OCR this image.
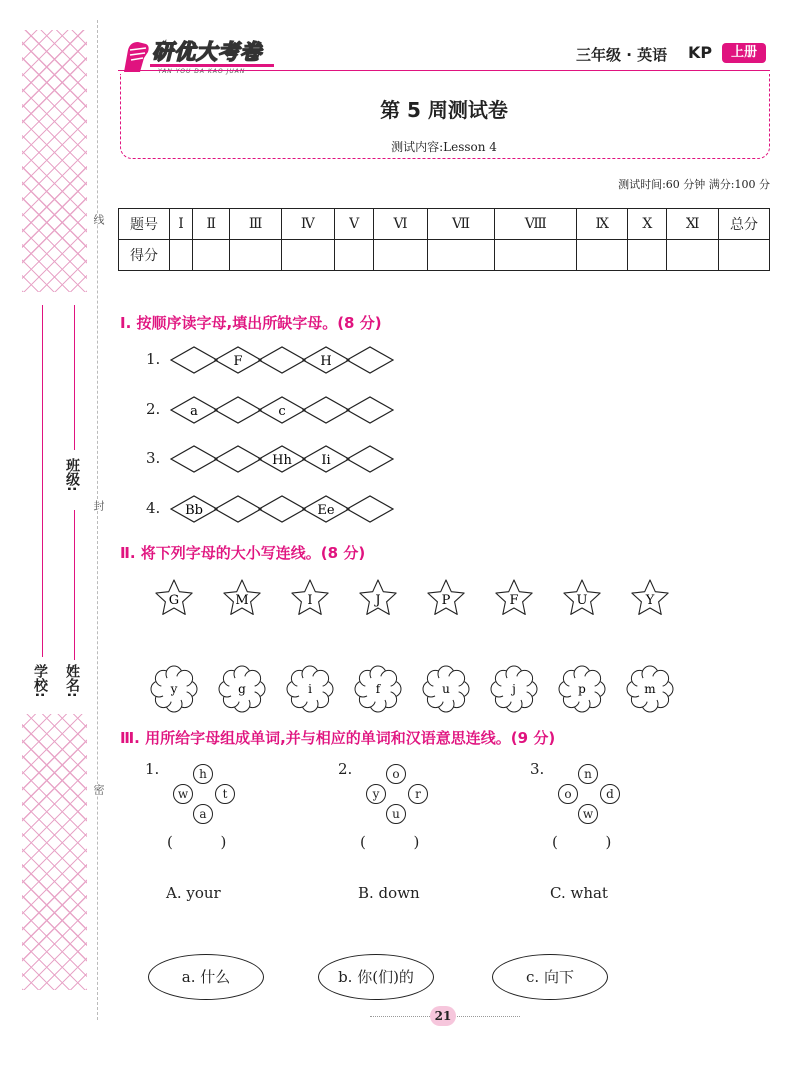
线
封
密
班级:
学校: 姓名:
研优大考卷
YAN YOU DA KAO JUAN
三年级 · 英语 KP	上册
第 5 周测试卷
测试内容:Lesson 4
测试时间:60 分钟 满分:100 分
题号	Ⅰ	Ⅱ	Ⅲ	Ⅳ	Ⅴ	Ⅵ	Ⅶ	Ⅷ	Ⅸ	Ⅹ	Ⅺ	总分
得分												
Ⅰ. 按顺序读字母,填出所缺字母。(8 分)
1.	F	H
2. a	c
3.	Hh Ii
4. Bb	Ee
Ⅱ. 将下列字母的大小写连线。(8 分)
G	M	I	J	P	F	U	Y
y	g	i	f	u	j	p	m
Ⅲ. 用所给字母组成单词,并与相应的单词和汉语意思连线。(9 分)
1.	h
w	t
a
(          )
2.	o
y	r
u
(          )
3.	n
o	d
w
(          )
A. your	B. down	C. what
a. 什么	b. 你(们)的	c. 向下
21
